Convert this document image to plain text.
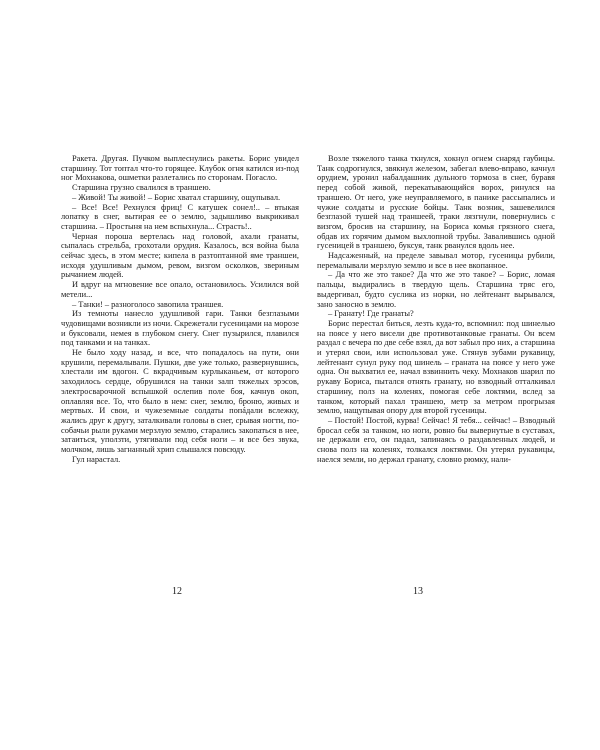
Ракета. Другая. Пучком выплеснулись ракеты. Борис увидел старшину. Тот топтал что-то горящее. Клубок огня катился из-под ног Мохнакова, ошметки разлетались по сторонам. Погасло.

Старшина грузно свалился в траншею.

– Живой! Ты живой! – Борис хватал старшину, ощупывал.

– Все! Все! Рехнулся фриц! С катушек сонел!.. – втыкая лопатку в снег, вытирая ее о землю, задышливо выкрикивал старшина. – Простыня на нем вспыхнула... Страсть!..

Черная пороша вертелась над головой, ахали гранаты, сыпалась стрельба, грохотали орудия. Казалось, вся война была сейчас здесь, в этом месте; кипела в разтоптанной яме траншеи, исходя удушливым дымом, ревом, визгом осколков, звериным рычанием людей.

И вдруг на мгновение все опало, остановилось. Усилился вой метели...

– Танки! – разноголосо завопила траншея.

Из темноты нанесло удушливой гари. Танки безглазыми чудовищами возникли из ночи. Скрежетали гусеницами на морозе и буксовали, немея в глубоком снегу. Снег пузырился, плавился под танками и на танках.

Не было ходу назад, и все, что попадалось на пути, они крушили, перемалывали. Пушки, две уже только, развернувшись, хлестали им вдогон. С вкрадчивым курлыканьем, от которого заходилось сердце, обрушился на танки залп тяжелых эрэсов, электросварочной вспышкой ослепив поле боя, качнув окоп, оплавляя все. То, что было в нем: снег, землю, броню, живых и мертвых. И свои, и чужеземные солдаты попáдали вслежку, жались друг к другу, заталкивали головы в снег, срывая ногти, по-собачьи рыли руками мерзлую землю, старались закопаться в нее, затаиться, уползти, утягивали под себя ноги – и все без звука, молчком, лишь загнанный хрип слышался повсюду.

Гул нарастал.

Возле тяжелого танка ткнулся, хокнул огнем снаряд гаубицы. Танк содрогнулся, звякнул железом, забегал влево-вправо, качнул орудием, уронил набалдашник дульного тормоза в снег, буравя перед собой живой, перекатывающийся ворох, ринулся на траншею. От него, уже неуправляемого, в панике рассыпались и чужие солдаты и русские бойцы. Танк возник, зашевелился безглазой тушей над траншеей, траки лязгнули, повернулись с визгом, бросив на старшину, на Бориса комья грязного снега, обдав их горячим дымом выхлопной трубы. Завалившись одной гусеницей в траншею, буксуя, танк рванулся вдоль нее.

Надсаженный, на пределе завывал мотор, гусеницы рубили, перемалывали мерзлую землю и все в нее вкопанное.

– Да что же это такое? Да что же это такое? – Борис, ломая пальцы, выдирались в твердую щель. Старшина тряс его, выдергивал, будто суслика из норки, но лейтенант вырывался, зано заносно в землю.

– Гранату! Где гранаты?

Борис перестал биться, лезть куда-то, вспомнил: под шинелью на поясе у него висели две противотанковые гранаты. Он всем раздал с вечера по две себе взял, да вот забыл про них, а старшина и утерял свои, или использовал уже. Стянув зубами рукавицу, лейтенант сунул руку под шинель – граната на поясе у него уже одна. Он выхватил ее, начал взвиннить чеку. Мохнаков шарил по рукаву Бориса, пытался отнять гранату, но взводный отталкивал старшину, полз на коленях, помогая себе локтями, вслед за танком, который пахал траншею, метр за метром прогрызая землю, нащупывая опору для второй гусеницы.

– Постой! Постой, курва! Сейчас! Я тебя... сейчас! – Взводный бросал себя за танком, но ноги, ровно бы вывернутые в суставах, не держали его, он падал, запинаясь о раздавленных людей, и снова полз на коленях, толкался локтями. Он утерял рукавицы, наелся земли, но держал гранату, словно рюмку, нали-

12	13
